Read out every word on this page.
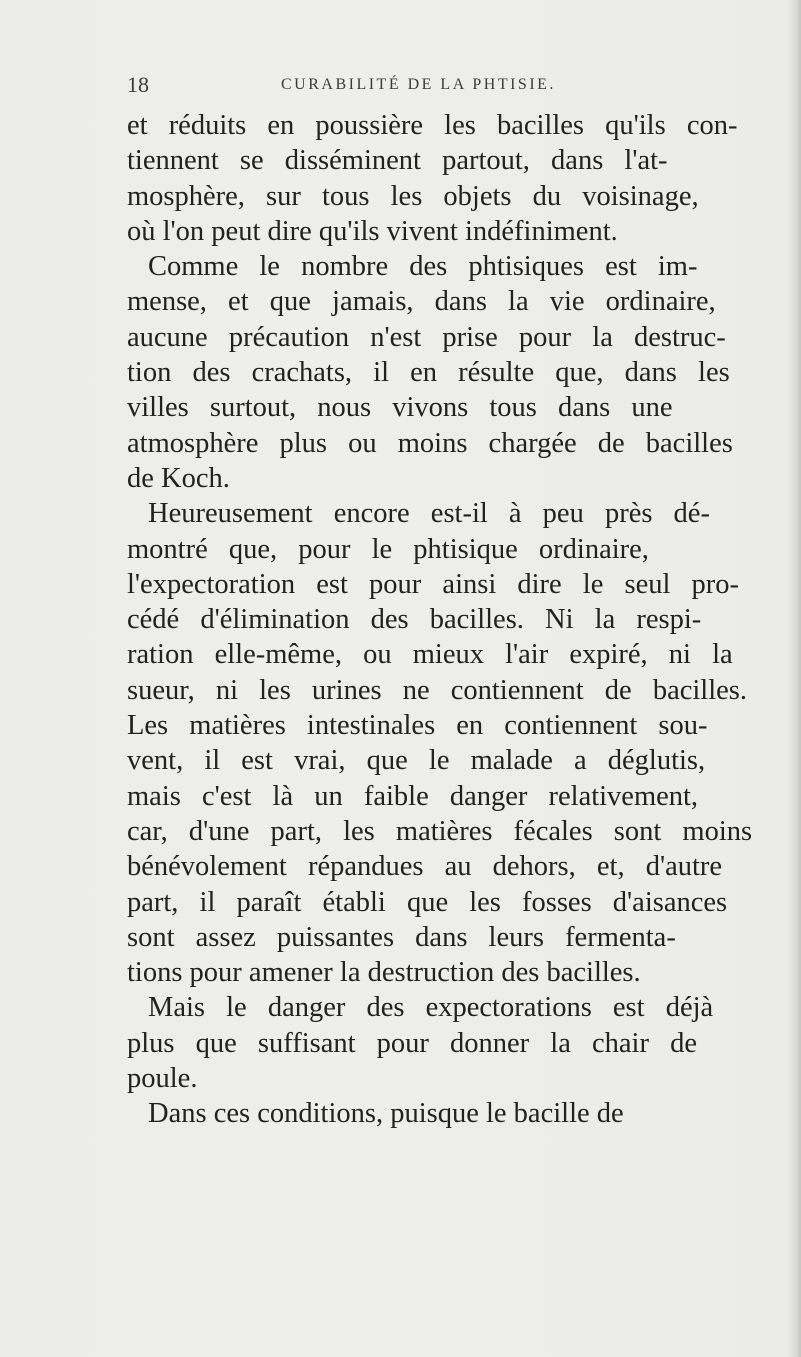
18	CURABILITÉ DE LA PHTISIE.
et réduits en poussière les bacilles qu'ils con-
tiennent se disséminent partout, dans l'at-
mosphère, sur tous les objets du voisinage,
où l'on peut dire qu'ils vivent indéfiniment.
Comme le nombre des phtisiques est im-
mense, et que jamais, dans la vie ordinaire,
aucune précaution n'est prise pour la destruc-
tion des crachats, il en résulte que, dans les
villes surtout, nous vivons tous dans une
atmosphère plus ou moins chargée de bacilles
de Koch.
Heureusement encore est-il à peu près dé-
montré que, pour le phtisique ordinaire,
l'expectoration est pour ainsi dire le seul pro-
cédé d'élimination des bacilles. Ni la respi-
ration elle-même, ou mieux l'air expiré, ni la
sueur, ni les urines ne contiennent de bacilles.
Les matières intestinales en contiennent sou-
vent, il est vrai, que le malade a déglutis,
mais c'est là un faible danger relativement,
car, d'une part, les matières fécales sont moins
bénévolement répandues au dehors, et, d'autre
part, il paraît établi que les fosses d'aisances
sont assez puissantes dans leurs fermenta-
tions pour amener la destruction des bacilles.
Mais le danger des expectorations est déjà
plus que suffisant pour donner la chair de
poule.
Dans ces conditions, puisque le bacille de
